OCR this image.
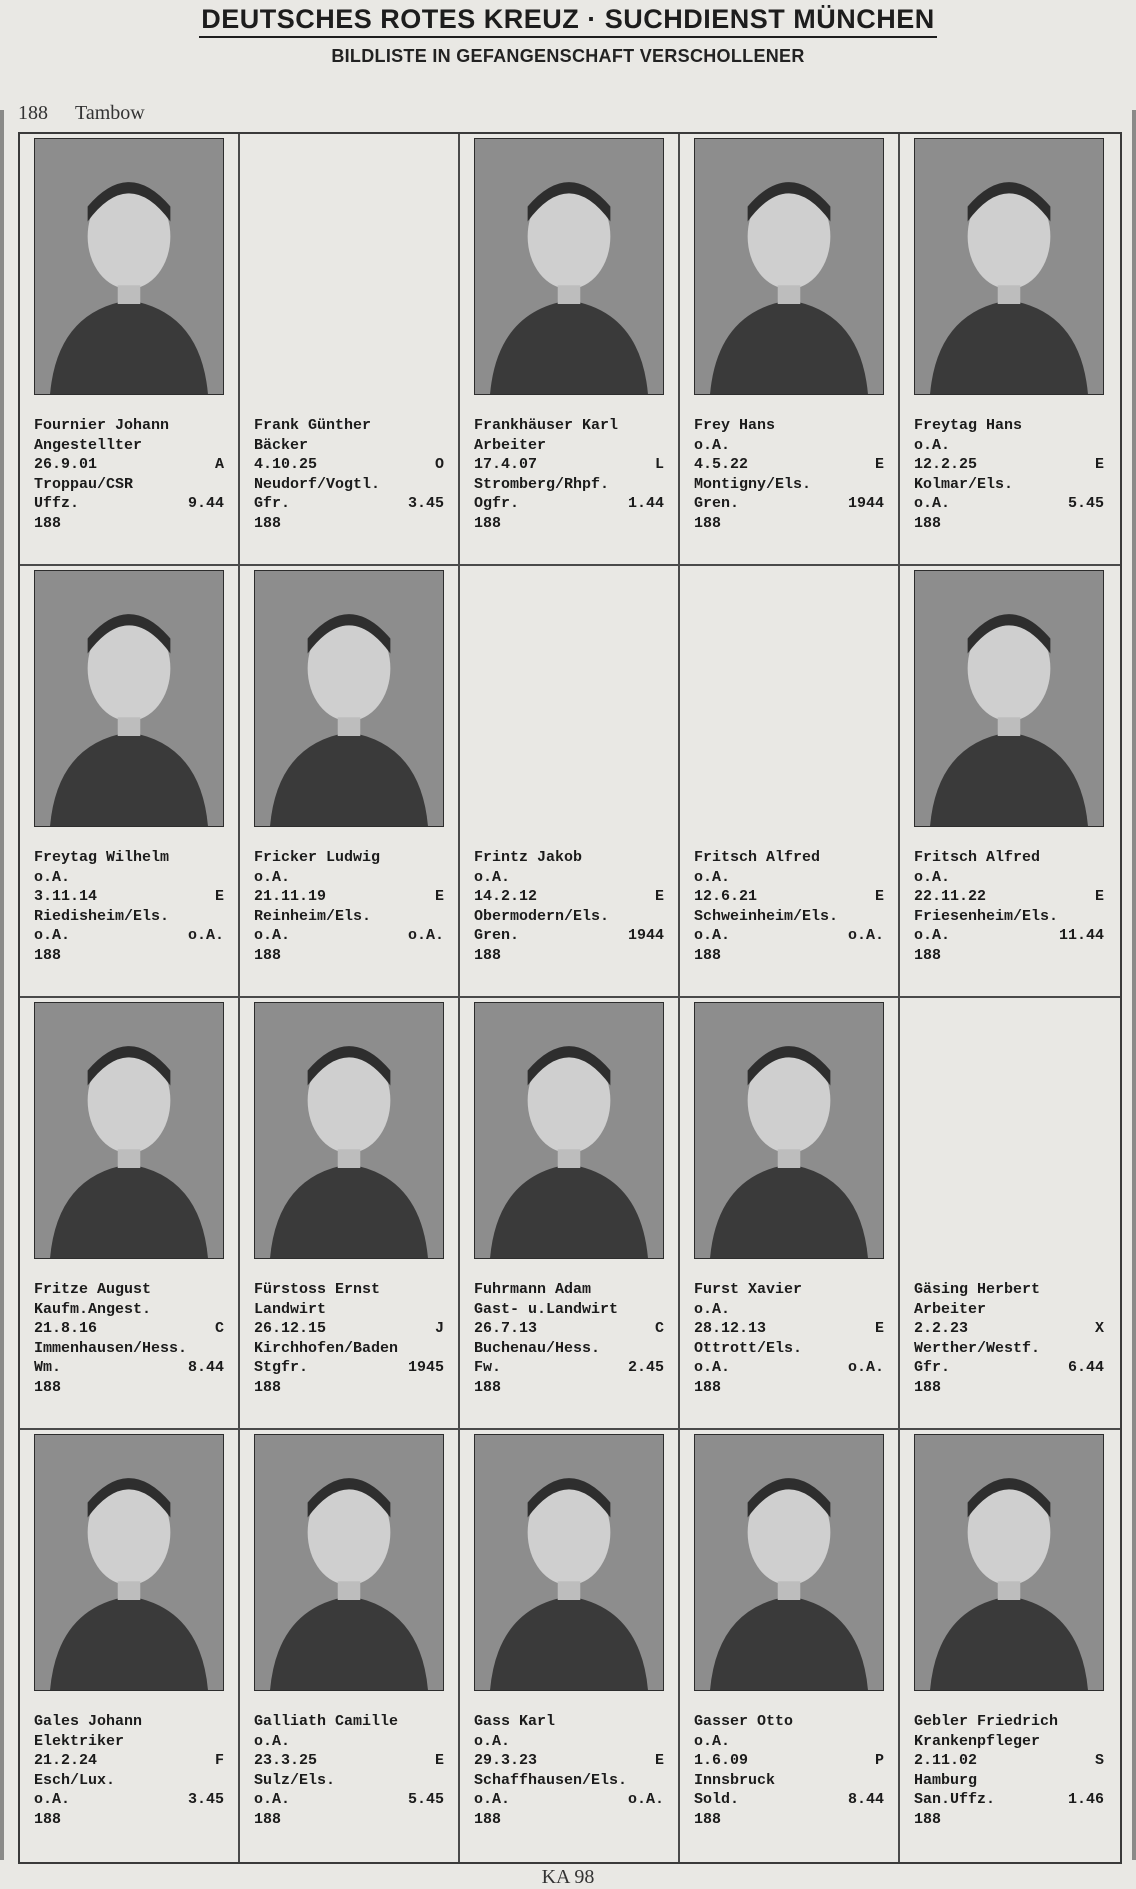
DEUTSCHES ROTES KREUZ · SUCHDIENST MÜNCHEN
BILDLISTE IN GEFANGENSCHAFT VERSCHOLLENER
188 Tambow
Fournier Johann
Angestellter
26.9.01	A
Troppau/CSR
Uffz.	9.44
188
Frank Günther
Bäcker
4.10.25	O
Neudorf/Vogtl.
Gfr.	3.45
188
Frankhäuser Karl
Arbeiter
17.4.07	L
Stromberg/Rhpf.
Ogfr.	1.44
188
Frey Hans
o.A.
4.5.22	E
Montigny/Els.
Gren.	1944
188
Freytag Hans
o.A.
12.2.25	E
Kolmar/Els.
o.A.	5.45
188
Freytag Wilhelm
o.A.
3.11.14	E
Riedisheim/Els.
o.A.	o.A.
188
Fricker Ludwig
o.A.
21.11.19	E
Reinheim/Els.
o.A.	o.A.
188
Frintz Jakob
o.A.
14.2.12	E
Obermodern/Els.
Gren.	1944
188
Fritsch Alfred
o.A.
12.6.21	E
Schweinheim/Els.
o.A.	o.A.
188
Fritsch Alfred
o.A.
22.11.22	E
Friesenheim/Els.
o.A.	11.44
188
Fritze August
Kaufm.Angest.
21.8.16	C
Immenhausen/Hess.
Wm.	8.44
188
Fürstoss Ernst
Landwirt
26.12.15	J
Kirchhofen/Baden
Stgfr.	1945
188
Fuhrmann Adam
Gast- u.Landwirt
26.7.13	C
Buchenau/Hess.
Fw.	2.45
188
Furst Xavier
o.A.
28.12.13	E
Ottrott/Els.
o.A.	o.A.
188
Gäsing Herbert
Arbeiter
2.2.23	X
Werther/Westf.
Gfr.	6.44
188
Gales Johann
Elektriker
21.2.24	F
Esch/Lux.
o.A.	3.45
188
Galliath Camille
o.A.
23.3.25	E
Sulz/Els.
o.A.	5.45
188
Gass Karl
o.A.
29.3.23	E
Schaffhausen/Els.
o.A.	o.A.
188
Gasser Otto
o.A.
1.6.09	P
Innsbruck
Sold.	8.44
188
Gebler Friedrich
Krankenpfleger
2.11.02	S
Hamburg
San.Uffz.	1.46
188
KA 98
